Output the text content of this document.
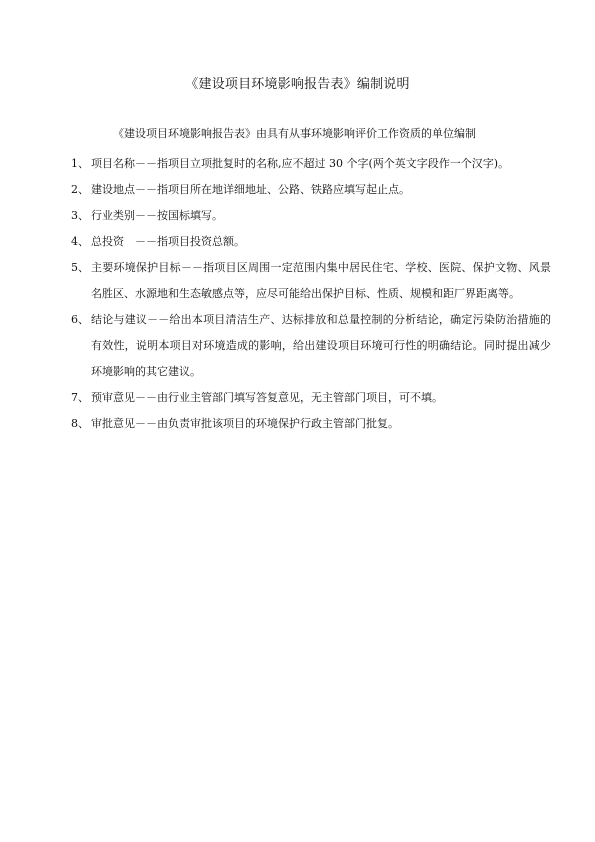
《建设项目环境影响报告表》编制说明
《建设项目环境影响报告表》由具有从事环境影响评价工作资质的单位编制
1、 项目名称－－指项目立项批复时的名称,应不超过 30 个字(两个英文字段作一个汉字)。
2、 建设地点－－指项目所在地详细地址、公路、铁路应填写起止点。
3、 行业类别－－按国标填写。
4、 总投资　－－指项目投资总额。
5、 主要环境保护目标－－指项目区周围一定范围内集中居民住宅、学校、医院、保护文物、风景名胜区、水源地和生态敏感点等，应尽可能给出保护目标、性质、规模和距厂界距离等。
6、 结论与建议－－给出本项目清洁生产、达标排放和总量控制的分析结论，确定污染防治措施的有效性，说明本项目对环境造成的影响，给出建设项目环境可行性的明确结论。同时提出减少环境影响的其它建议。
7、 预审意见－－由行业主管部门填写答复意见，无主管部门项目，可不填。
8、 审批意见－－由负责审批该项目的环境保护行政主管部门批复。
